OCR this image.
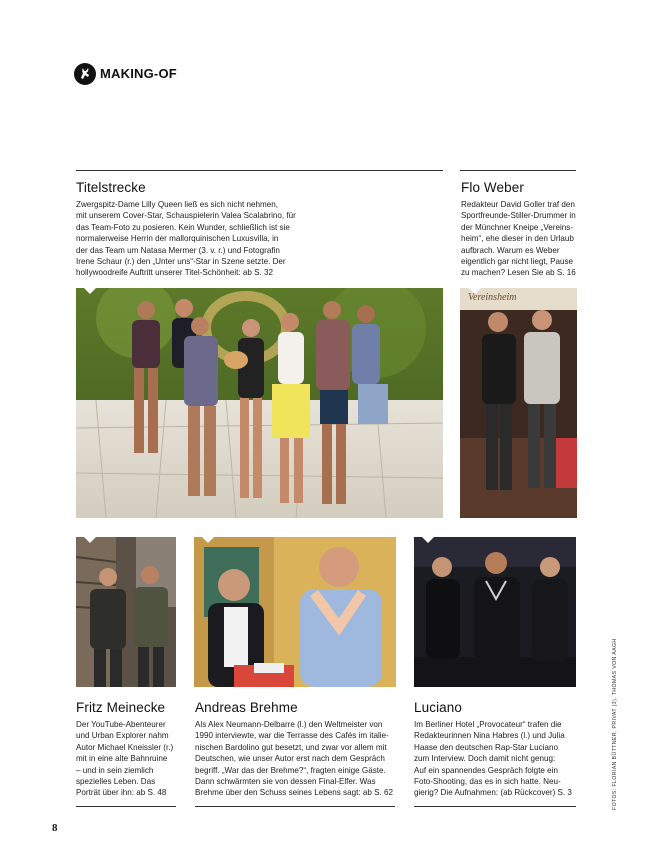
MAKING-OF
Titelstrecke
Zwergspitz-Dame Lilly Queen ließ es sich nicht nehmen,
mit unserem Cover-Star, Schauspielerin Valea Scalabrino, für
das Team-Foto zu posieren. Kein Wunder, schließlich ist sie
normalerweise Herrin der mallorquinischen Luxusvilla, in
der das Team um Natasa Mermer (3. v. r.) und Fotografin
Irene Schaur (r.) den „Unter uns“-Star in Szene setzte. Der
hollywoodreife Auftritt unserer Titel-Schönheit: ab S. 32
Flo Weber
Redakteur David Goller traf den
Sportfreunde-Stiller-Drummer in
der Münchner Kneipe „Vereins-
heim“, ehe dieser in den Urlaub
aufbrach. Warum es Weber
eigentlich gar nicht liegt, Pause
zu machen? Lesen Sie ab S. 16
Vereinsheim
Fritz Meinecke
Der YouTube-Abenteurer
und Urban Explorer nahm
Autor Michael Kneissler (r.)
mit in eine alte Bahnruine
– und in sein ziemlich
spezielles Leben. Das
Porträt über ihn: ab S. 48
Andreas Brehme
Als Alex Neumann-Delbarre (l.) den Weltmeister von
1990 interviewte, war die Terrasse des Cafés im italie-
nischen Bardolino gut besetzt, und zwar vor allem mit
Deutschen, wie unser Autor erst nach dem Gespräch
begriff. „War das der Brehme?“, fragten einige Gäste.
Dann schwärmten sie von dessen Final-Elfer. Was
Brehme über den Schuss seines Lebens sagt: ab S. 62
Luciano
Im Berliner Hotel „Provocateur“ trafen die
Redakteurinnen Nina Habres (l.) und Julia
Haase den deutschen Rap-Star Luciano
zum Interview. Doch damit nicht genug:
Auf ein spannendes Gespräch folgte ein
Foto-Shooting, das es in sich hatte. Neu-
gierig? Die Aufnahmen: (ab Rückcover) S. 3
8
FOTOS: FLORIAN BÜTTNER, PRIVAT (3), THOMAS VON AAGH
